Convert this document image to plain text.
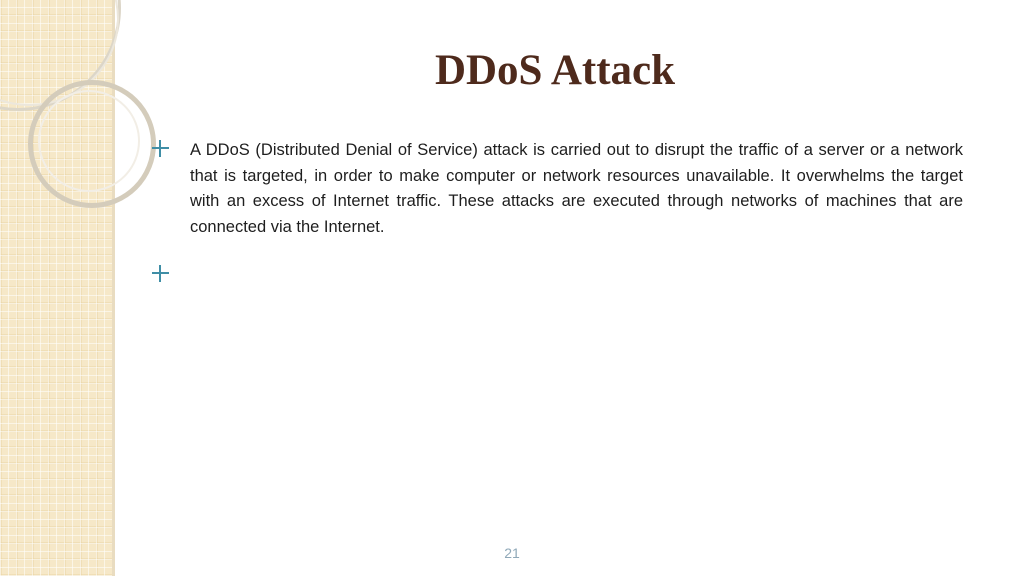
DDoS Attack

A DDoS (Distributed Denial of Service) attack is carried out to disrupt the traffic of a server or a network that is targeted, in order to make computer or network resources unavailable. It overwhelms the target with an excess of Internet traffic. These attacks are executed through networks of machines that are connected via the Internet.

21
